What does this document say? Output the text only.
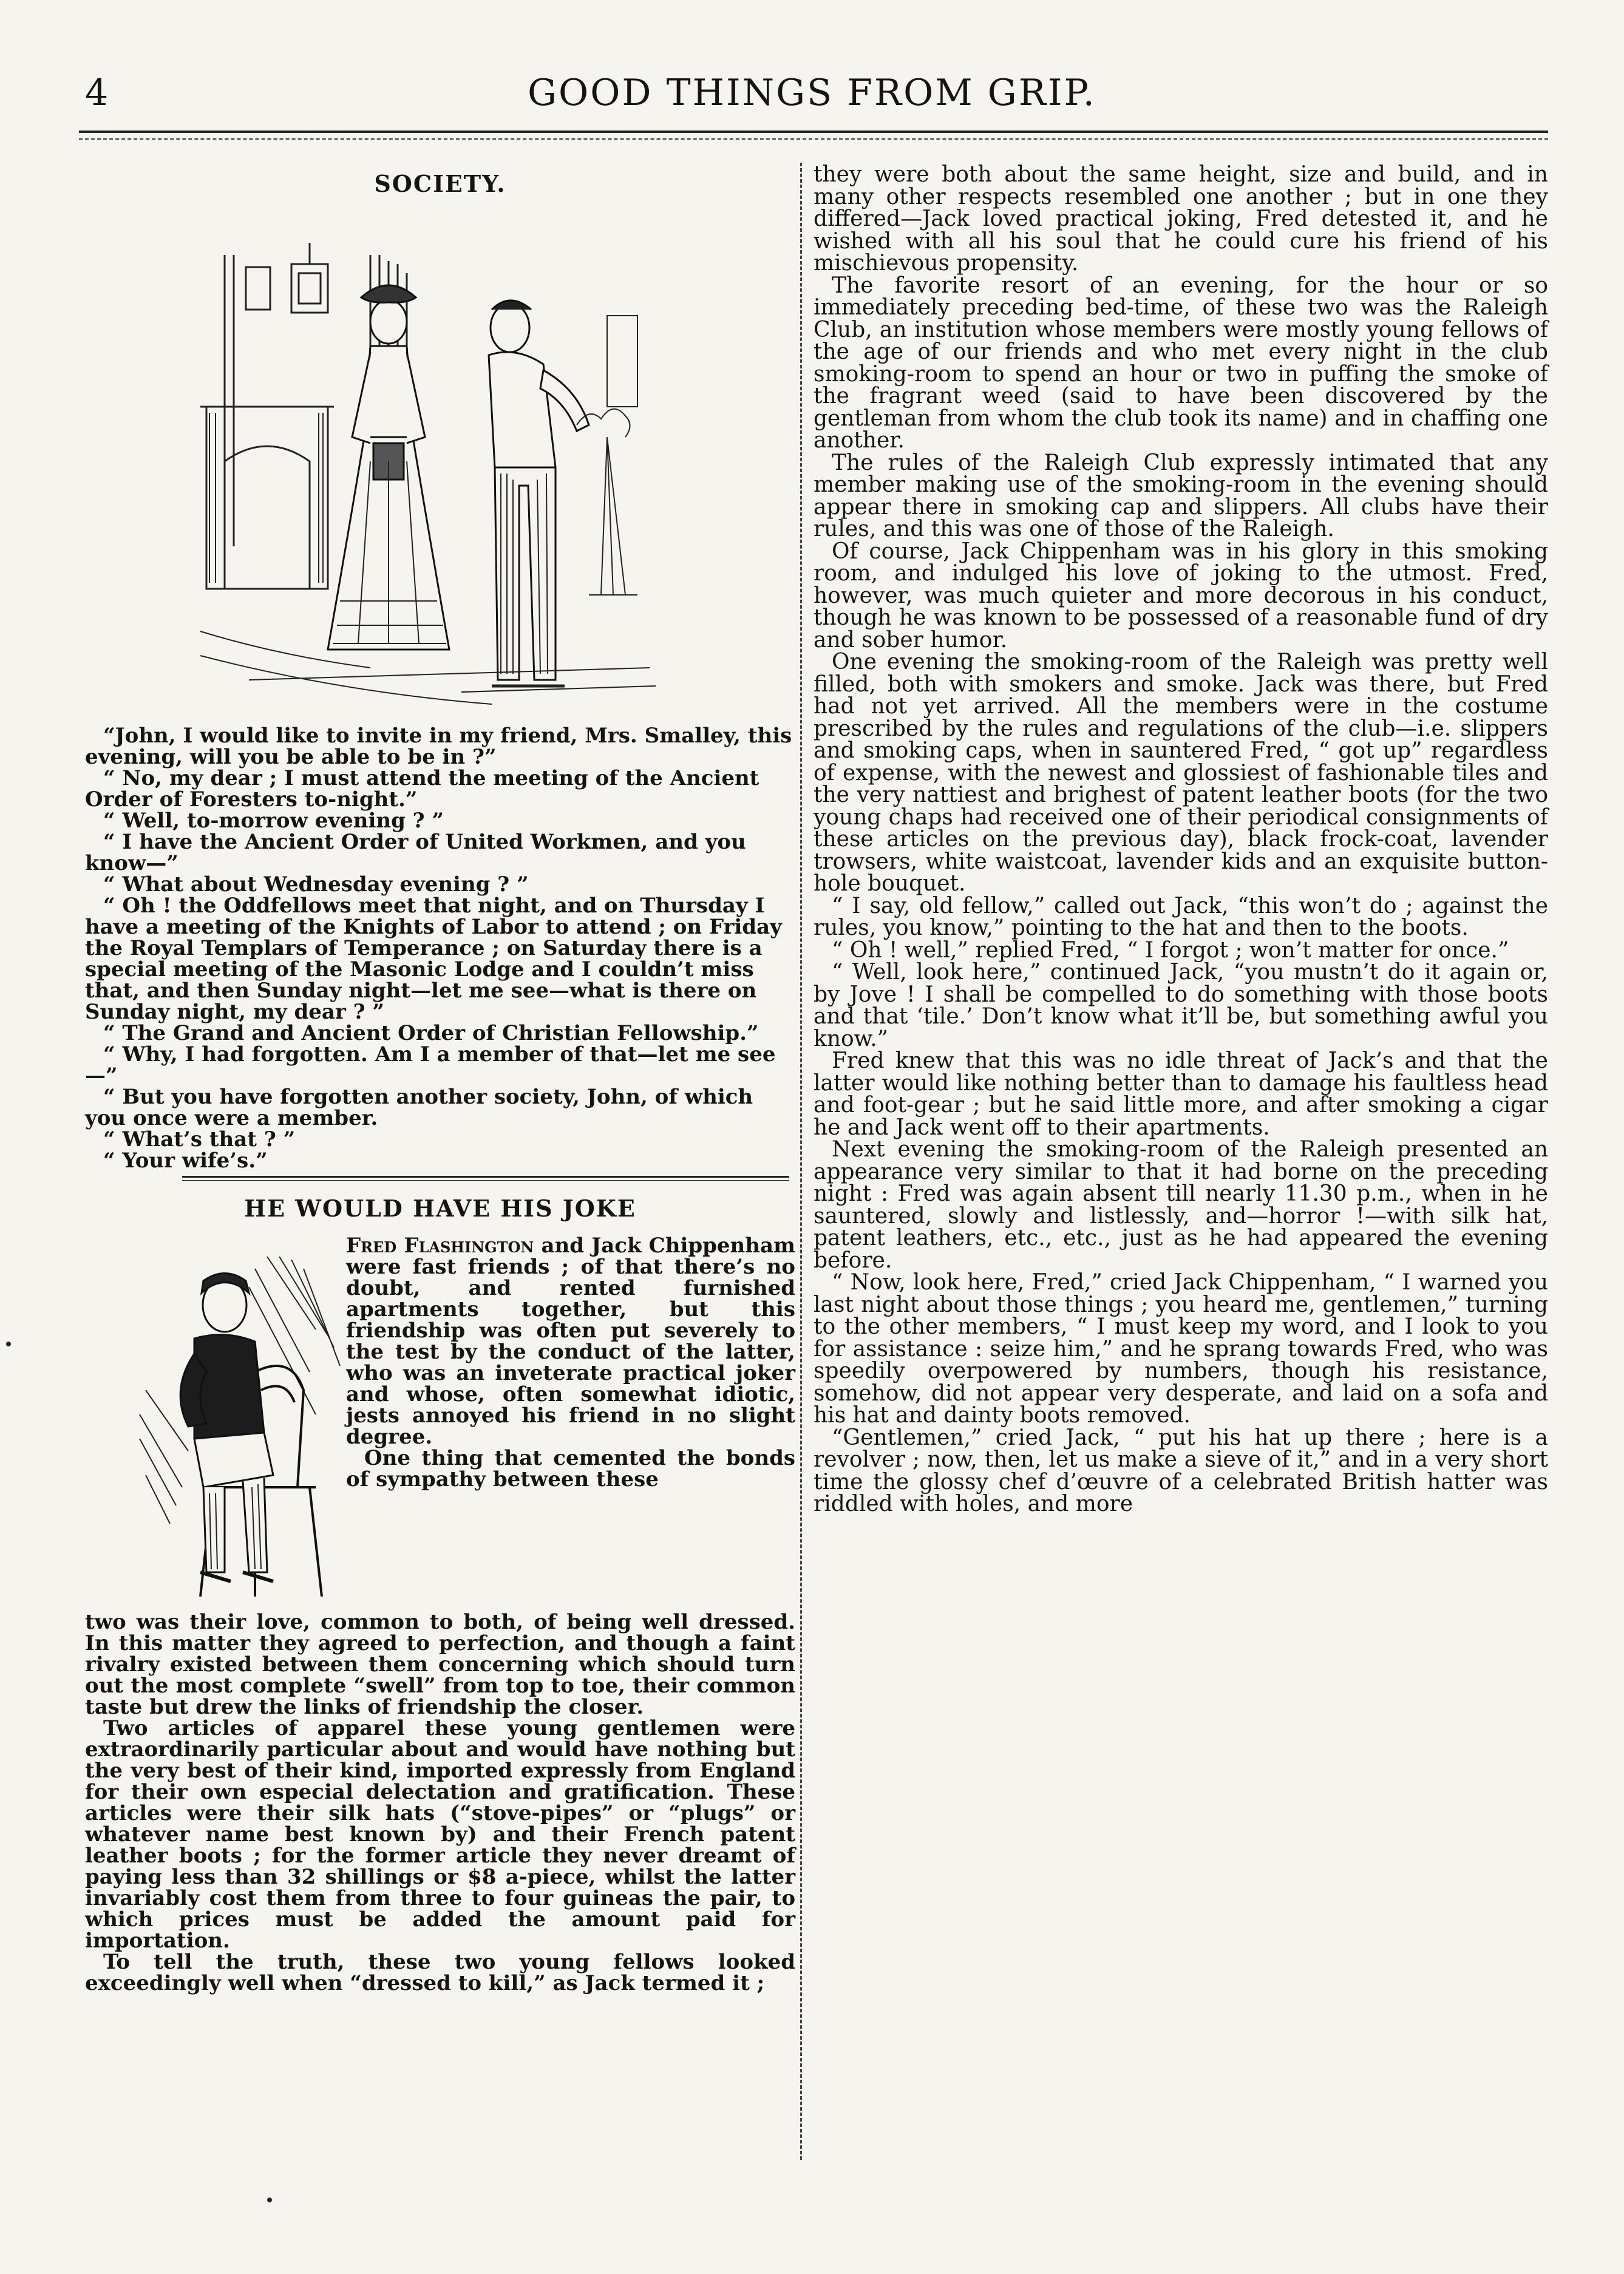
4	GOOD THINGS FROM GRIP.
SOCIETY.

“John, I would like to invite in my friend, Mrs. Smalley, this evening, will you be able to be in ?”

“ No, my dear ; I must attend the meeting of the Ancient Order of Foresters to-night.”

“ Well, to-morrow evening ? ”

“ I have the Ancient Order of United Workmen, and you know—”

“ What about Wednesday evening ? ”

“ Oh ! the Oddfellows meet that night, and on Thursday I have a meeting of the Knights of Labor to attend ; on Friday the Royal Templars of Temperance ; on Saturday there is a special meeting of the Masonic Lodge and I couldn’t miss that, and then Sunday night—let me see—what is there on Sunday night, my dear ? ”

“ The Grand and Ancient Order of Christian Fellowship.”

“ Why, I had forgotten. Am I a member of that—let me see—”

“ But you have forgotten another society, John, of which you once were a member.

“ What’s that ? ”

“ Your wife’s.”

HE WOULD HAVE HIS JOKE

Fred Flashington and Jack Chippenham were fast friends ; of that there’s no doubt, and rented furnished apartments together, but this friendship was often put severely to the test by the conduct of the latter, who was an inveterate practical joker and whose, often somewhat idiotic, jests annoyed his friend in no slight degree.

One thing that cemented the bonds of sympathy between these

two was their love, common to both, of being well dressed. In this matter they agreed to perfection, and though a faint rivalry existed between them concerning which should turn out the most complete “swell” from top to toe, their common taste but drew the links of friendship the closer.

Two articles of apparel these young gentlemen were extraordinarily particular about and would have nothing but the very best of their kind, imported expressly from England for their own especial delectation and gratification. These articles were their silk hats (“stove-pipes” or “plugs” or whatever name best known by) and their French patent leather boots ; for the former article they never dreamt of paying less than 32 shillings or $8 a-piece, whilst the latter invariably cost them from three to four guineas the pair, to which prices must be added the amount paid for importation.

To tell the truth, these two young fellows looked exceedingly well when “dressed to kill,” as Jack termed it ;

they were both about the same height, size and build, and in many other respects resembled one another ; but in one they differed—Jack loved practical joking, Fred detested it, and he wished with all his soul that he could cure his friend of his mischievous propensity.

The favorite resort of an evening, for the hour or so immediately preceding bed-time, of these two was the Raleigh Club, an institution whose members were mostly young fellows of the age of our friends and who met every night in the club smoking-room to spend an hour or two in puffing the smoke of the fragrant weed (said to have been discovered by the gentleman from whom the club took its name) and in chaffing one another.

The rules of the Raleigh Club expressly intimated that any member making use of the smoking-room in the evening should appear there in smoking cap and slippers. All clubs have their rules, and this was one of those of the Raleigh.

Of course, Jack Chippenham was in his glory in this smoking room, and indulged his love of joking to the utmost. Fred, however, was much quieter and more decorous in his conduct, though he was known to be possessed of a reasonable fund of dry and sober humor.

One evening the smoking-room of the Raleigh was pretty well filled, both with smokers and smoke. Jack was there, but Fred had not yet arrived. All the members were in the costume prescribed by the rules and regulations of the club—i.e. slippers and smoking caps, when in sauntered Fred, “ got up” regardless of expense, with the newest and glossiest of fashionable tiles and the very nattiest and brighest of patent leather boots (for the two young chaps had received one of their periodical consignments of these articles on the previous day), black frock-coat, lavender trowsers, white waistcoat, lavender kids and an exquisite button-hole bouquet.

“ I say, old fellow,” called out Jack, “this won’t do ; against the rules, you know,” pointing to the hat and then to the boots.

“ Oh ! well,” replied Fred, “ I forgot ; won’t matter for once.”

“ Well, look here,” continued Jack, “you mustn’t do it again or, by Jove ! I shall be compelled to do something with those boots and that ‘tile.’ Don’t know what it’ll be, but something awful you know.”

Fred knew that this was no idle threat of Jack’s and that the latter would like nothing better than to damage his faultless head and foot-gear ; but he said little more, and after smoking a cigar he and Jack went off to their apartments.

Next evening the smoking-room of the Raleigh presented an appearance very similar to that it had borne on the preceding night : Fred was again absent till nearly 11.30 p.m., when in he sauntered, slowly and listlessly, and—horror !—with silk hat, patent leathers, etc., etc., just as he had appeared the evening before.

“ Now, look here, Fred,” cried Jack Chippenham, “ I warned you last night about those things ; you heard me, gentlemen,” turning to the other members, “ I must keep my word, and I look to you for assistance : seize him,” and he sprang towards Fred, who was speedily overpowered by numbers, though his resistance, somehow, did not appear very desperate, and laid on a sofa and his hat and dainty boots removed.

“Gentlemen,” cried Jack, “ put his hat up there ; here is a revolver ; now, then, let us make a sieve of it,” and in a very short time the glossy chef d’œuvre of a celebrated British hatter was riddled with holes, and more
